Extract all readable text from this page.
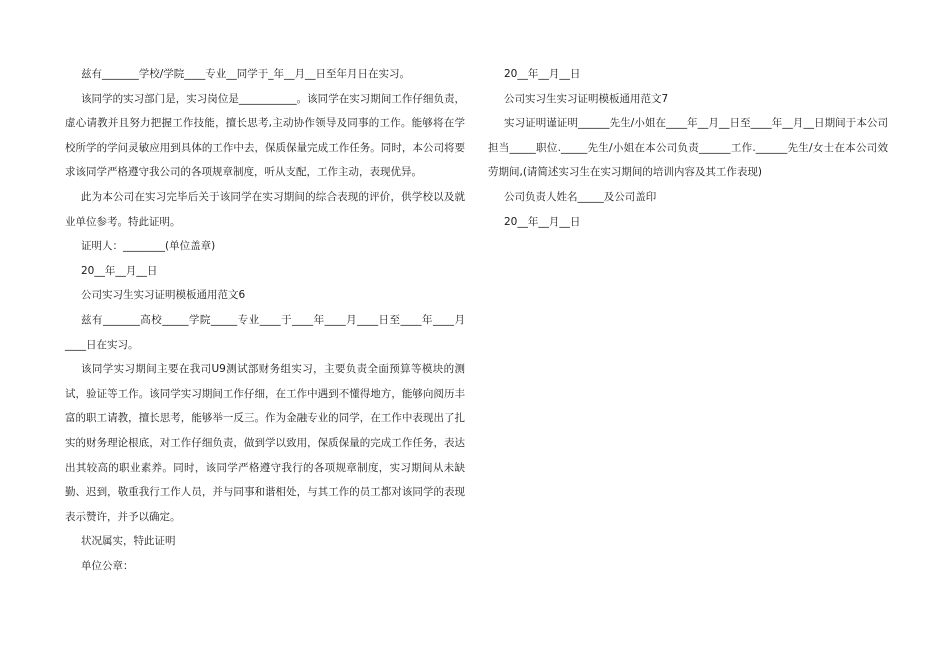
兹有_______学校/学院____专业__同学于_年__月__日至年月日在实习。

该同学的实习部门是，实习岗位是___________。该同学在实习期间工作仔细负责，虚心请教并且努力把握工作技能，擅长思考,主动协作领导及同事的工作。能够将在学校所学的学问灵敏应用到具体的工作中去，保质保量完成工作任务。同时，本公司将要求该同学严格遵守我公司的各项规章制度，听从支配，工作主动，表现优异。

此为本公司在实习完毕后关于该同学在实习期间的综合表现的评价，供学校以及就业单位参考。特此证明。

证明人：________(单位盖章)

20__年__月__日

公司实习生实习证明模板通用范文6

兹有_______高校_____学院_____专业____于____年____月____日至____年____月____日在实习。

该同学实习期间主要在我司U9测试部财务组实习，主要负责全面预算等模块的测试，验证等工作。该同学实习期间工作仔细，在工作中遇到不懂得地方，能够向阅历丰富的职工请教，擅长思考，能够举一反三。作为金融专业的同学，在工作中表现出了扎实的财务理论根底，对工作仔细负责，做到学以致用，保质保量的完成工作任务，表达出其较高的职业素养。同时，该同学严格遵守我行的各项规章制度，实习期间从未缺勤、迟到，敬重我行工作人员，并与同事和谐相处，与其工作的员工都对该同学的表现表示赞许，并予以确定。

状况属实，特此证明

单位公章：

20__年__月__日

公司实习生实习证明模板通用范文7

实习证明谨证明______先生/小姐在____年__月__日至____年__月__日期间于本公司担当_____职位._____先生/小姐在本公司负责______工作.______先生/女士在本公司效劳期间,(请简述实习生在实习期间的培训内容及其工作表现)

公司负责人姓名_____及公司盖印

20__年__月__日
